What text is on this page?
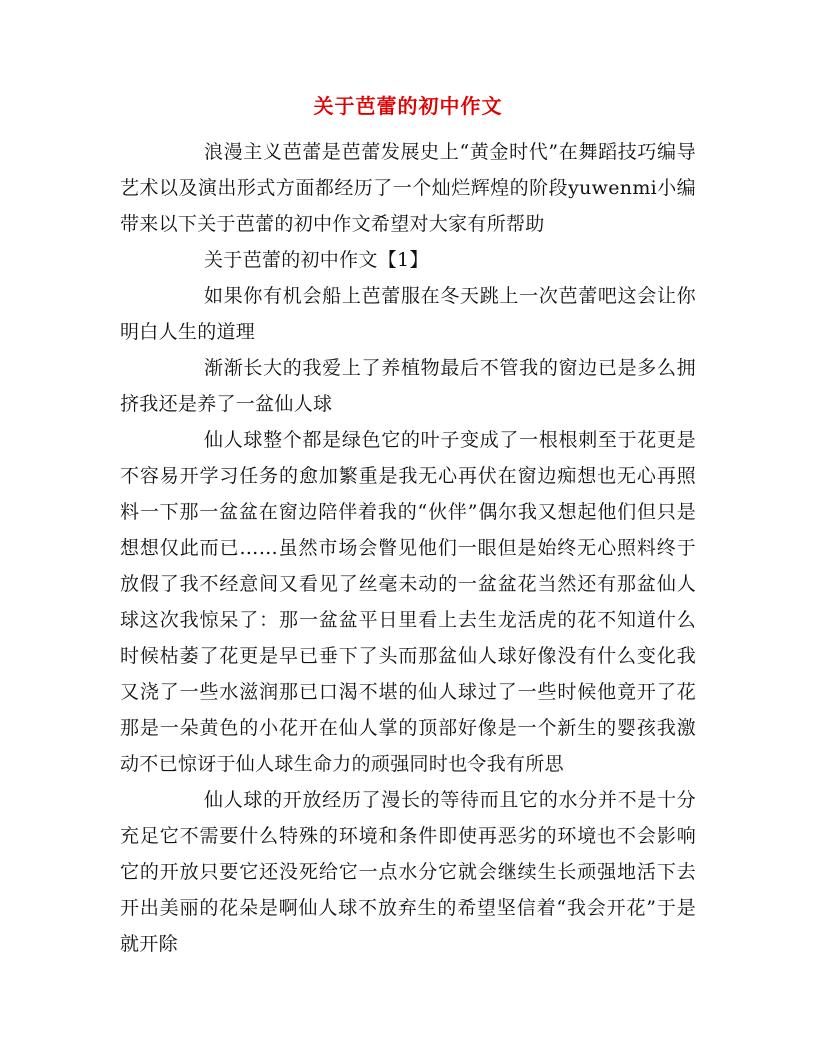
关于芭蕾的初中作文

浪漫主义芭蕾是芭蕾发展史上“黄金时代”在舞蹈技巧编导艺术以及演出形式方面都经历了一个灿烂辉煌的阶段yuwenmi小编带来以下关于芭蕾的初中作文希望对大家有所帮助

关于芭蕾的初中作文【1】

如果你有机会船上芭蕾服在冬天跳上一次芭蕾吧这会让你明白人生的道理

渐渐长大的我爱上了养植物最后不管我的窗边已是多么拥挤我还是养了一盆仙人球

仙人球整个都是绿色它的叶子变成了一根根刺至于花更是不容易开学习任务的愈加繁重是我无心再伏在窗边痴想也无心再照料一下那一盆盆在窗边陪伴着我的“伙伴”偶尔我又想起他们但只是想想仅此而已……虽然市场会瞥见他们一眼但是始终无心照料终于放假了我不经意间又看见了丝毫未动的一盆盆花当然还有那盆仙人球这次我惊呆了：那一盆盆平日里看上去生龙活虎的花不知道什么时候枯萎了花更是早已垂下了头而那盆仙人球好像没有什么变化我又浇了一些水滋润那已口渴不堪的仙人球过了一些时候他竟开了花那是一朵黄色的小花开在仙人掌的顶部好像是一个新生的婴孩我激动不已惊讶于仙人球生命力的顽强同时也令我有所思

仙人球的开放经历了漫长的等待而且它的水分并不是十分充足它不需要什么特殊的环境和条件即使再恶劣的环境也不会影响它的开放只要它还没死给它一点水分它就会继续生长顽强地活下去开出美丽的花朵是啊仙人球不放弃生的希望坚信着“我会开花”于是就开除
